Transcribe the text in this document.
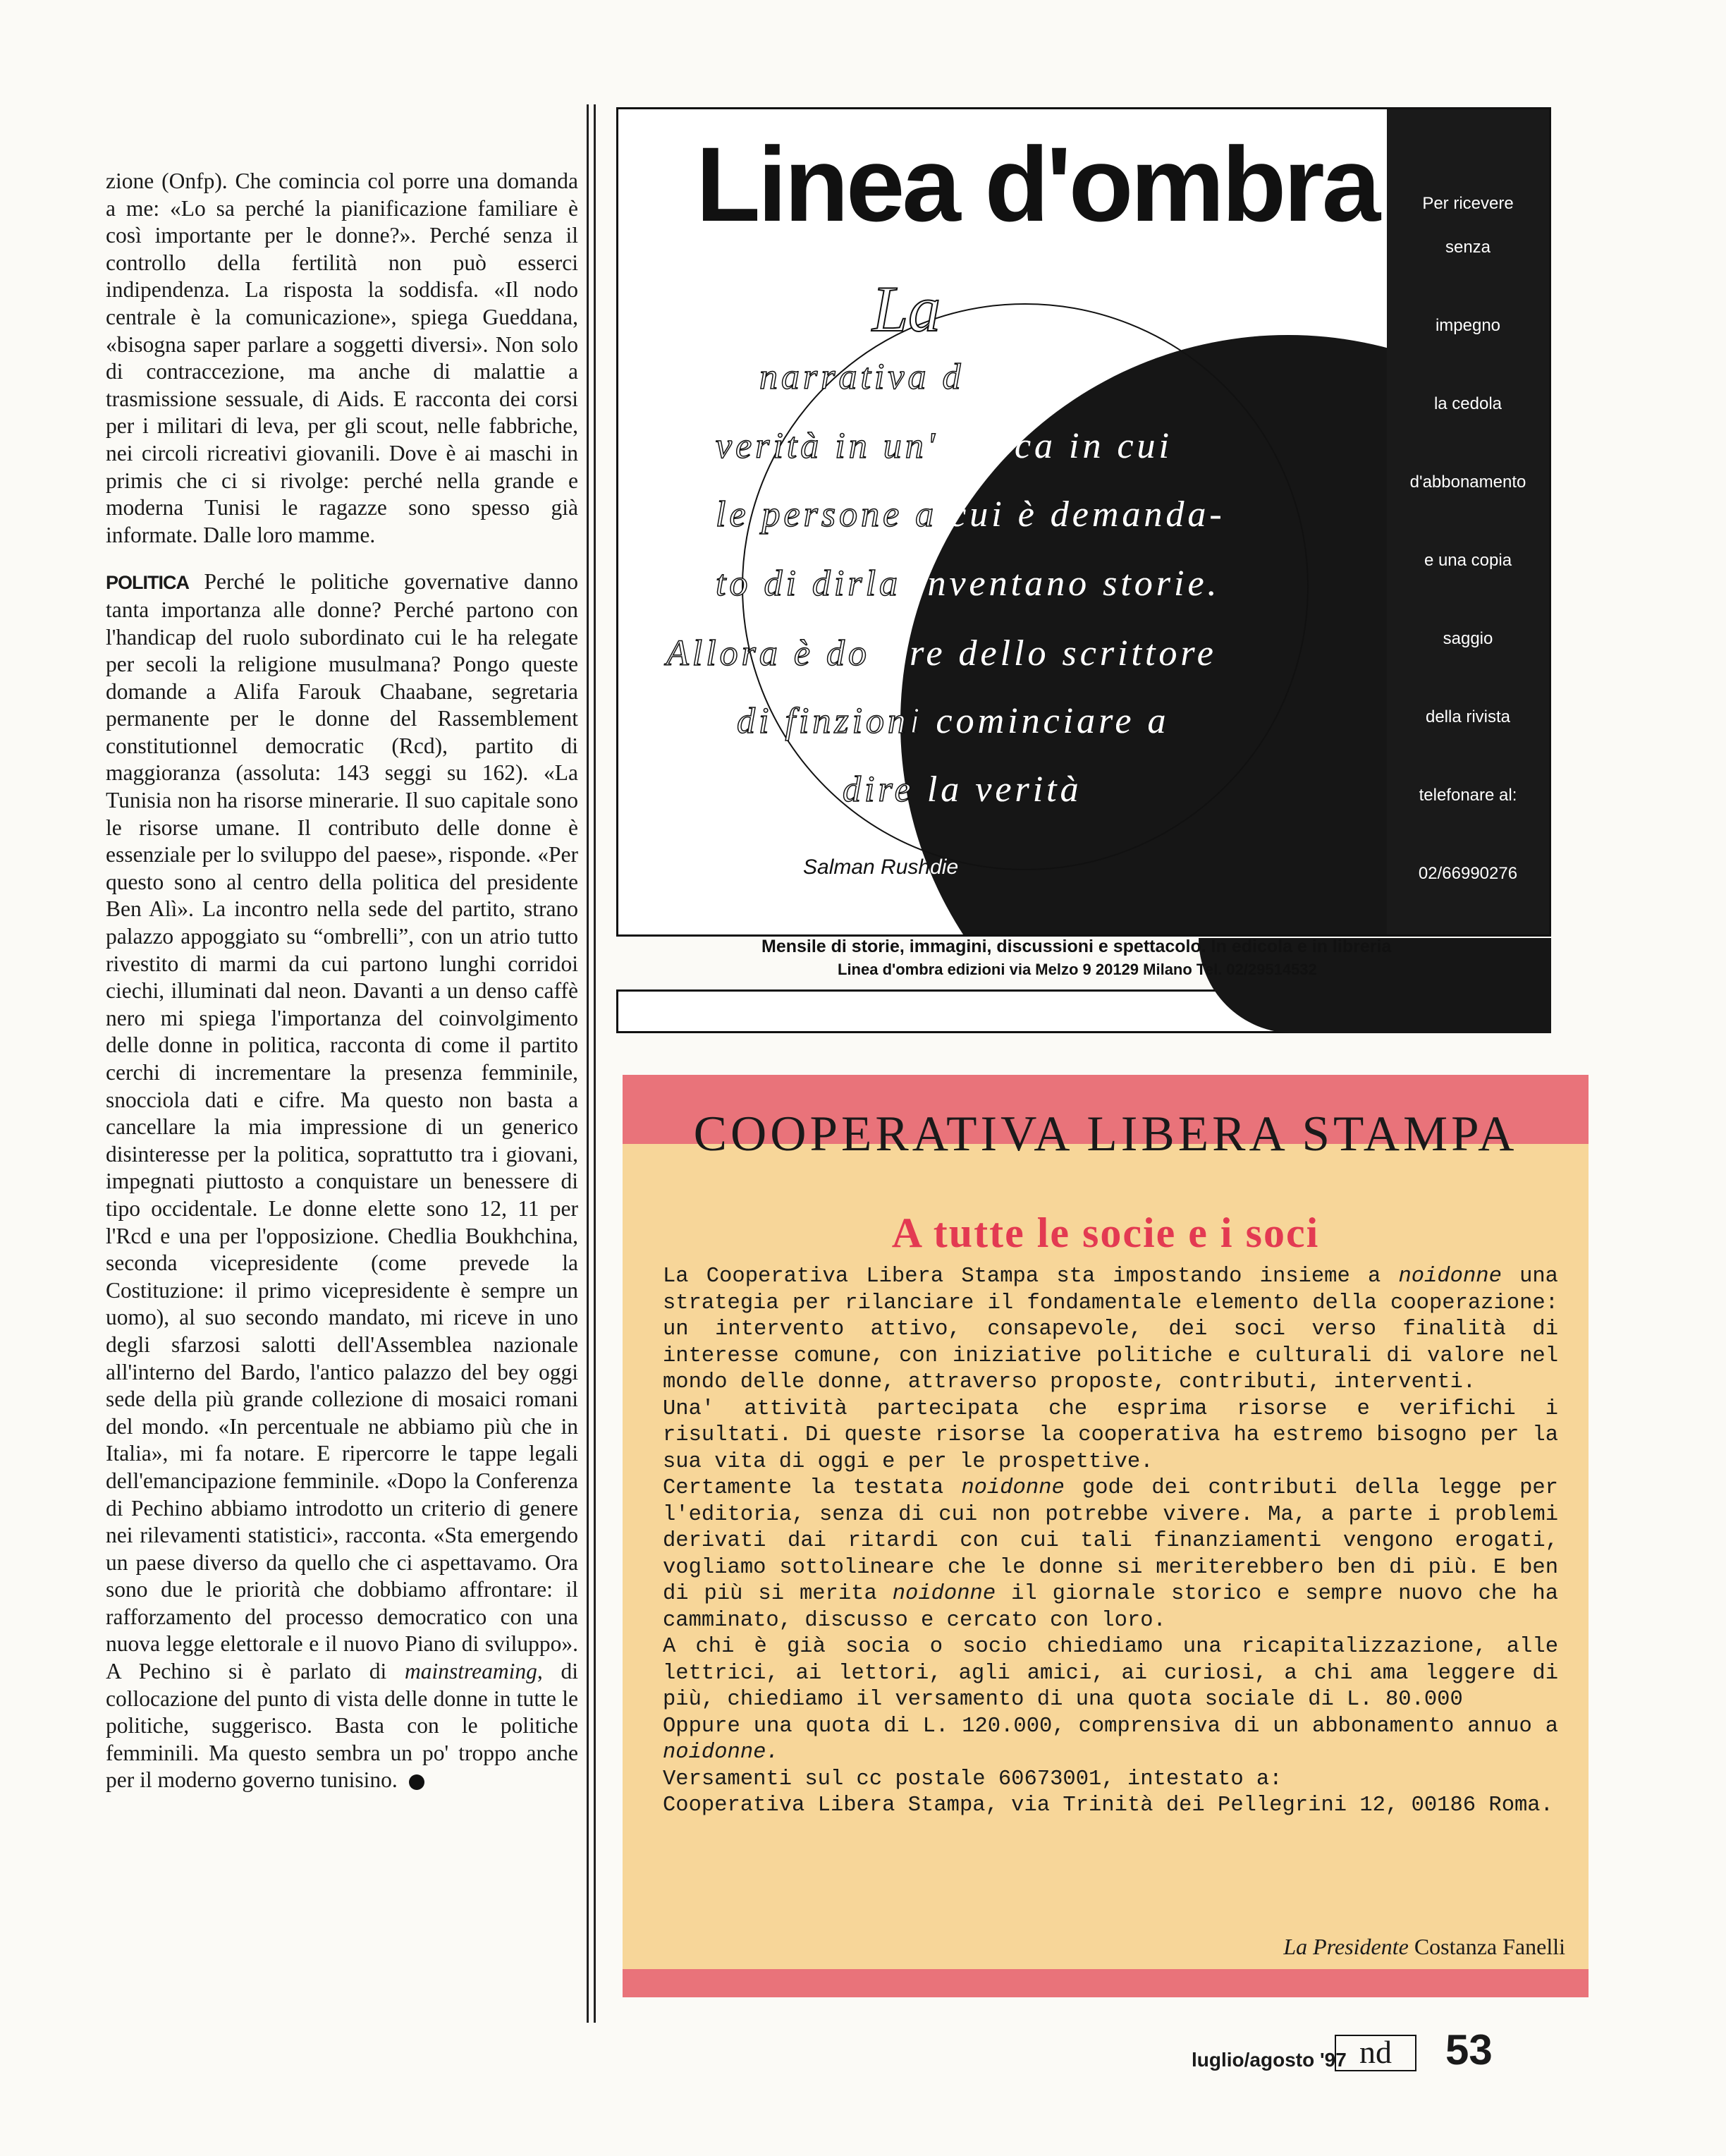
zione (Onfp). Che comincia col porre una domanda a me: «Lo sa perché la pianificazione familiare è così importante per le donne?». Perché senza il controllo della fertilità non può esserci indipendenza. La risposta la soddisfa. «Il nodo centrale è la comunicazione», spiega Gueddana, «bisogna saper parlare a soggetti diversi». Non solo di contraccezione, ma anche di malattie a trasmissione sessuale, di Aids. E racconta dei corsi per i militari di leva, per gli scout, nelle fabbriche, nei circoli ricreativi giovanili. Dove è ai maschi in primis che ci si rivolge: perché nella grande e moderna Tunisi le ragazze sono spesso già informate. Dalle loro mamme.

POLITICA Perché le politiche governative danno tanta importanza alle donne? Perché partono con l'handicap del ruolo subordinato cui le ha relegate per secoli la religione musulmana? Pongo queste domande a Alifa Farouk Chaabane, segretaria permanente per le donne del Rassemblement constitutionnel democratic (Rcd), partito di maggioranza (assoluta: 143 seggi su 162). «La Tunisia non ha risorse minerarie. Il suo capitale sono le risorse umane. Il contributo delle donne è essenziale per lo sviluppo del paese», risponde. «Per questo sono al centro della politica del presidente Ben Alì». La incontro nella sede del partito, strano palazzo appoggiato su “ombrelli”, con un atrio tutto rivestito di marmi da cui partono lunghi corridoi ciechi, illuminati dal neon. Davanti a un denso caffè nero mi spiega l'importanza del coinvolgimento delle donne in politica, racconta di come il partito cerchi di incrementare la presenza femminile, snocciola dati e cifre. Ma questo non basta a cancellare la mia impressione di un generico disinteresse per la politica, soprattutto tra i giovani, impegnati piuttosto a conquistare un benessere di tipo occidentale. Le donne elette sono 12, 11 per l'Rcd e una per l'opposizione. Chedlia Boukhchina, seconda vicepresidente (come prevede la Costituzione: il primo vicepresidente è sempre un uomo), al suo secondo mandato, mi riceve in uno degli sfarzosi salotti dell'Assemblea nazionale all'interno del Bardo, l'antico palazzo del bey oggi sede della più grande collezione di mosaici romani del mondo. «In percentuale ne abbiamo più che in Italia», mi fa notare. E ripercorre le tappe legali dell'emancipazione femminile. «Dopo la Conferenza di Pechino abbiamo introdotto un criterio di genere nei rilevamenti statistici», racconta. «Sta emergendo un paese diverso da quello che ci aspettavamo. Ora sono due le priorità che dobbiamo affrontare: il rafforzamento del processo democratico con una nuova legge elettorale e il nuovo Piano di sviluppo». A Pechino si è parlato di mainstreaming, di collocazione del punto di vista delle donne in tutte le politiche, suggerisco. Basta con le politiche femminili. Ma questo sembra un po' troppo anche per il moderno governo tunisino.

Linea d'ombra	Per ricevere
senza
impegno
la cedola
d'abbonamento
e una copia
saggio
della rivista
telefonare al:
02/66990276
La
narrativa dice la
verità in un' epoca in cui
le persone a cui è demanda-
to di dirla inventano storie.
Allora è dovere dello scrittore
di finzioni cominciare a
dire la verità
Salman Rushdie
Mensile di storie, immagini, discussioni e spettacolo. In edicola e in libreria
Linea d'ombra edizioni via Melzo 9 20129 Milano Tel. 02/29514532
COOPERATIVA LIBERA STAMPA
A tutte le socie e i soci

La Cooperativa Libera Stampa sta impostando insieme a noidonne una strategia per rilanciare il fondamentale elemento della cooperazione: un intervento attivo, consapevole, dei soci verso finalità di interesse comune, con iniziative politiche e culturali di valore nel mondo delle donne, attraverso proposte, contributi, interventi.

Una' attività partecipata che esprima risorse e verifichi i risultati. Di queste risorse la cooperativa ha estremo bisogno per la sua vita di oggi e per le prospettive.

Certamente la testata noidonne gode dei contributi della legge per l'editoria, senza di cui non potrebbe vivere. Ma, a parte i problemi derivati dai ritardi con cui tali finanziamenti vengono erogati, vogliamo sottolineare che le donne si meriterebbero ben di più. E ben di più si merita noidonne il giornale storico e sempre nuovo che ha camminato, discusso e cercato con loro.

A chi è già socia o socio chiediamo una ricapitalizzazione, alle lettrici, ai lettori, agli amici, ai curiosi, a chi ama leggere di più, chiediamo il versamento di una quota sociale di L. 80.000

Oppure una quota di L. 120.000, comprensiva di un abbonamento annuo a noidonne.

Versamenti sul cc postale 60673001, intestato a:

Cooperativa Libera Stampa, via Trinità dei Pellegrini 12, 00186 Roma.

La Presidente Costanza Fanelli
luglio/agosto '97 nd	53
